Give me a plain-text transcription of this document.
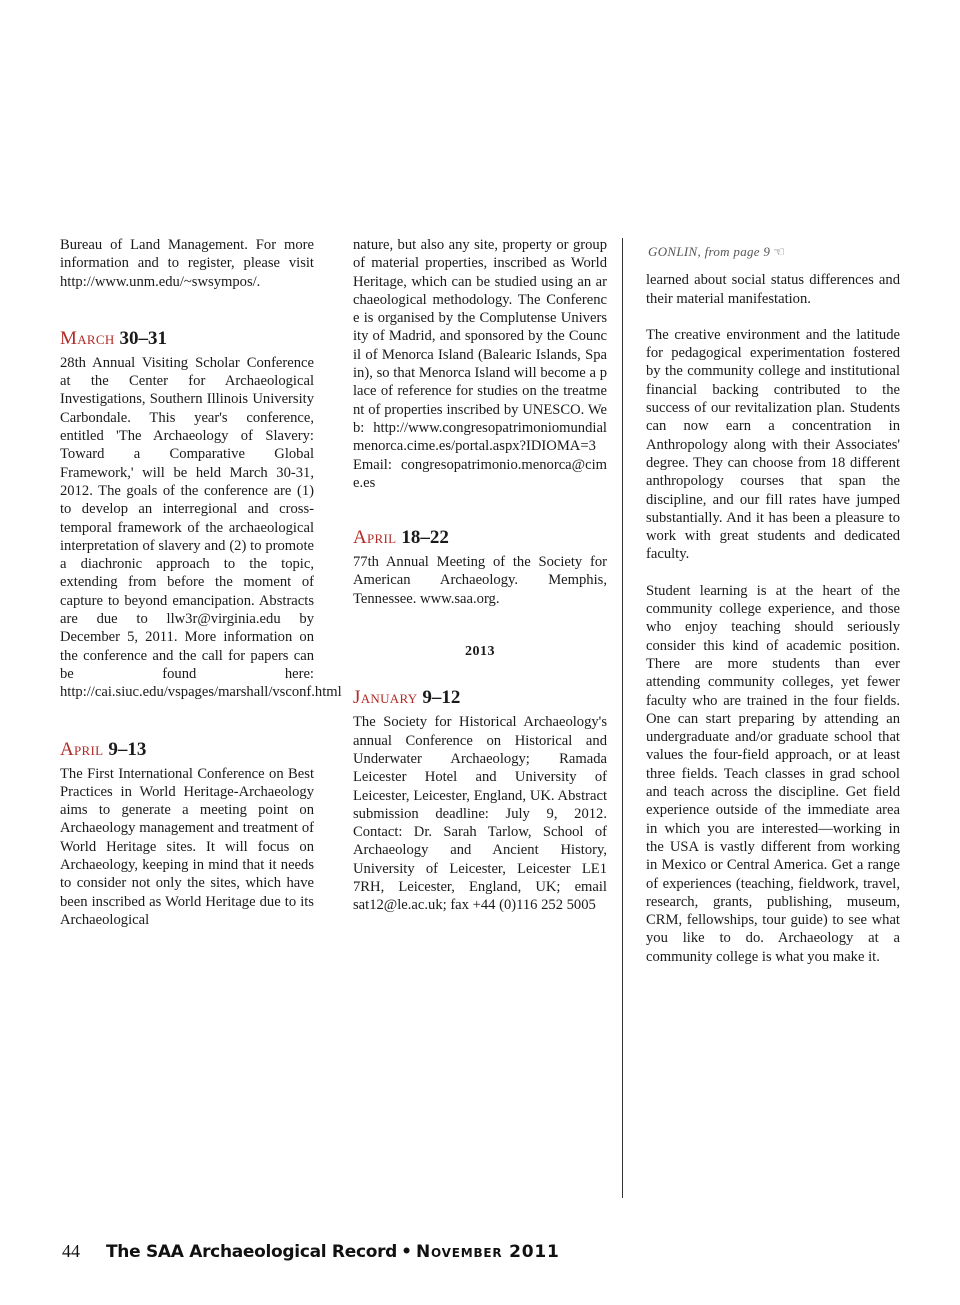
Bureau of Land Management. For more information and to register, please visit http://www.unm.edu/~swsympos/.

March 30–31

28th Annual Visiting Scholar Conference at the Center for Archaeological Investigations, Southern Illinois University Carbondale. This year's conference, entitled 'The Archaeology of Slavery: Toward a Comparative Global Framework,' will be held March 30-31, 2012. The goals of the conference are (1) to develop an interregional and cross-temporal framework of the archaeological interpretation of slavery and (2) to promote a diachronic approach to the topic, extending from before the moment of capture to beyond emancipation. Abstracts are due to llw3r@virginia.edu by December 5, 2011. More information on the conference and the call for papers can be found here: http://cai.siuc.edu/vspages/marshall/vsconf.html

April 9–13

The First International Conference on Best Practices in World Heritage-Archaeology aims to generate a meeting point on Archaeology management and treatment of World Heritage sites. It will focus on Archaeology, keeping in mind that it needs to consider not only the sites, which have been inscribed as World Heritage due to its Archaeological

nature, but also any site, property or group of material properties, inscribed as World Heritage, which can be studied using an archaeological methodology. The Conference is organised by the Complutense University of Madrid, and sponsored by the Council of Menorca Island (Balearic Islands, Spain), so that Menorca Island will become a place of reference for studies on the treatment of properties inscribed by UNESCO. Web: http://www.congresopatrimoniomundialmenorca.cime.es/portal.aspx?IDIOMA=3 Email: congresopatrimonio.menorca@cime.es

April 18–22

77th Annual Meeting of the Society for American Archaeology. Memphis, Tennessee. www.saa.org.

2013
January 9–12

The Society for Historical Archaeology's annual Conference on Historical and Underwater Archaeology; Ramada Leicester Hotel and University of Leicester, Leicester, England, UK. Abstract submission deadline: July 9, 2012. Contact: Dr. Sarah Tarlow, School of Archaeology and Ancient History, University of Leicester, Leicester LE1 7RH, Leicester, England, UK; email sat12@le.ac.uk; fax +44 (0)116 252 5005

GONLIN, from page 9 ☜

learned about social status differences and their material manifestation.

The creative environment and the latitude for pedagogical experimentation fostered by the community college and institutional financial backing contributed to the success of our revitalization plan. Students can now earn a concentration in Anthropology along with their Associates' degree. They can choose from 18 different anthropology courses that span the discipline, and our fill rates have jumped substantially. And it has been a pleasure to work with great students and dedicated faculty.

Student learning is at the heart of the community college experience, and those who enjoy teaching should seriously consider this kind of academic position. There are more students than ever attending community colleges, yet fewer faculty who are trained in the four fields. One can start preparing by attending an undergraduate and/or graduate school that values the four-field approach, or at least three fields. Teach classes in grad school and teach across the discipline. Get field experience outside of the immediate area in which you are interested—working in the USA is vastly different from working in Mexico or Central America. Get a range of experiences (teaching, fieldwork, travel, research, grants, publishing, museum, CRM, fellowships, tour guide) to see what you like to do. Archaeology at a community college is what you make it.

44 The SAA Archaeological Record • November 2011
